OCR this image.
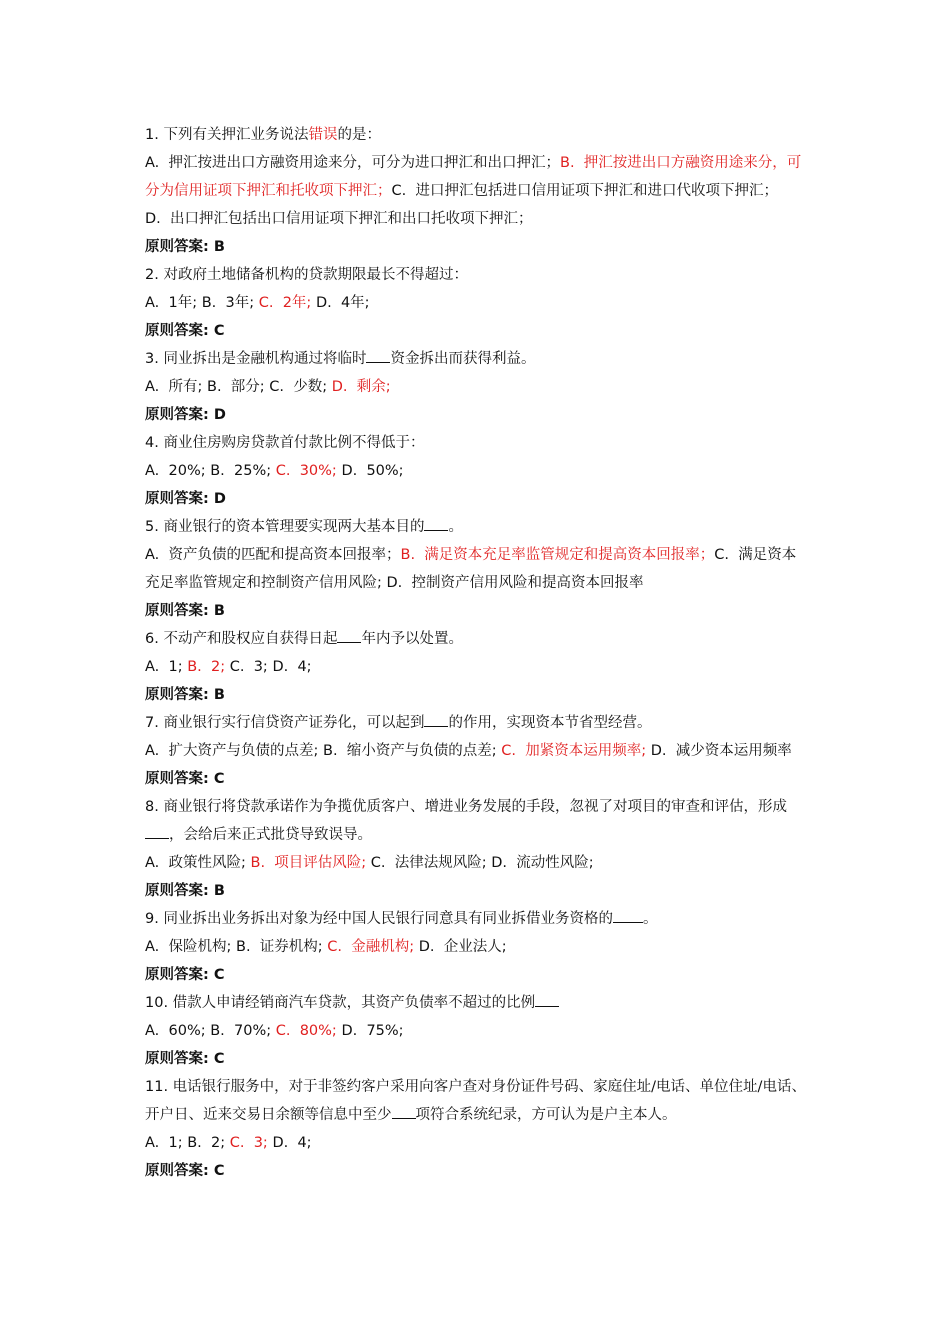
1. 下列有关押汇业务说法错误的是：
A. 押汇按进出口方融资用途来分，可分为进口押汇和出口押汇；B. 押汇按进出口方融资用途来分，可分为信用证项下押汇和托收项下押汇；C. 进口押汇包括进口信用证项下押汇和进口代收项下押汇；D. 出口押汇包括出口信用证项下押汇和出口托收项下押汇；
原则答案: B
2. 对政府土地储备机构的贷款期限最长不得超过：
A. 1年; B. 3年; C. 2年; D. 4年;
原则答案: C
3. 同业拆出是金融机构通过将临时 资金拆出而获得利益。
A. 所有; B. 部分; C. 少数; D. 剩余;
原则答案: D
4. 商业住房购房贷款首付款比例不得低于：
A. 20%; B. 25%; C. 30%; D. 50%;
原则答案: D
5. 商业银行的资本管理要实现两大基本目的 。
A. 资产负债的匹配和提高资本回报率；B. 满足资本充足率监管规定和提高资本回报率；C. 满足资本充足率监管规定和控制资产信用风险; D. 控制资产信用风险和提高资本回报率
原则答案: B
6. 不动产和股权应自获得日起 年内予以处置。
A. 1; B. 2; C. 3; D. 4;
原则答案: B
7. 商业银行实行信贷资产证券化，可以起到 的作用，实现资本节省型经营。
A. 扩大资产与负债的点差; B. 缩小资产与负债的点差; C. 加紧资本运用频率; D. 减少资本运用频率
原则答案: C
8. 商业银行将贷款承诺作为争揽优质客户、增进业务发展的手段，忽视了对项目的审查和评估，形成，会给后来正式批贷导致误导。
A. 政策性风险; B. 项目评估风险; C. 法律法规风险; D. 流动性风险;
原则答案: B
9. 同业拆出业务拆出对象为经中国人民银行同意具有同业拆借业务资格的 。
A. 保险机构; B. 证券机构; C. 金融机构; D. 企业法人;
原则答案: C
10. 借款人申请经销商汽车贷款，其资产负债率不超过的比例
A. 60%; B. 70%; C. 80%; D. 75%;
原则答案: C
11. 电话银行服务中，对于非签约客户采用向客户查对身份证件号码、家庭住址/电话、单位住址/电话、开户日、近来交易日余额等信息中至少 项符合系统纪录，方可认为是户主本人。
A. 1; B. 2; C. 3; D. 4;
原则答案: C
